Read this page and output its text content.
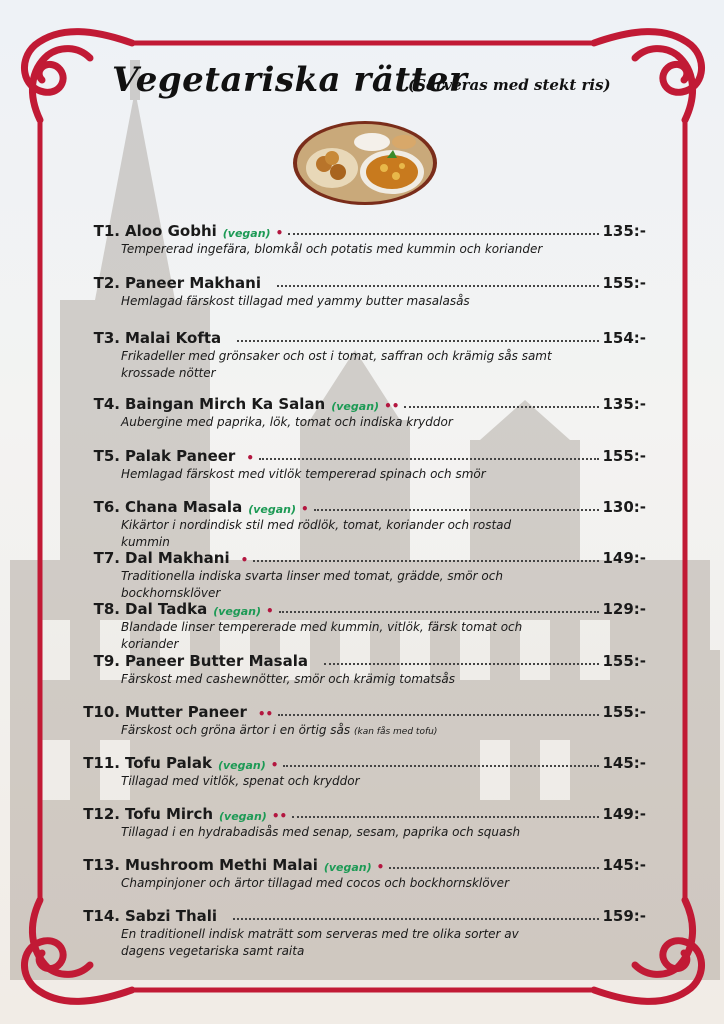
Vegetariska rätter
(Serveras med stekt ris)
T1. Aloo Gobhi (vegan) •	135:-
Tempererad ingefära, blomkål och potatis med kummin och koriander
T2. Paneer Makhani	155:-
Hemlagad färskost tillagad med yammy butter masalasås
T3. Malai Kofta	154:-
Frikadeller med grönsaker och ost i tomat, saffran och krämig sås samt krossade nötter
T4. Baingan Mirch Ka Salan (vegan) ••	135:-
Aubergine med paprika, lök, tomat och indiska kryddor
T5. Palak Paneer •	155:-
Hemlagad färskost med vitlök tempererad spinach och smör
T6. Chana Masala (vegan) •	130:-
Kikärtor i nordindisk stil med rödlök, tomat, koriander och rostad kummin
T7. Dal Makhani •	149:-
Traditionella indiska svarta linser med tomat, grädde, smör och bockhornsklöver
T8. Dal Tadka (vegan) •	129:-
Blandade linser tempererade med kummin, vitlök, färsk tomat och koriander
T9. Paneer Butter Masala	155:-
Färskost med cashewnötter, smör och krämig tomatsås
T10. Mutter Paneer ••	155:-
Färskost och gröna ärtor i en örtig sås (kan fås med tofu)
T11. Tofu Palak (vegan) •	145:-
Tillagad med vitlök, spenat och kryddor
T12. Tofu Mirch (vegan) ••	149:-
Tillagad i en hydrabadisås med senap, sesam, paprika och squash
T13. Mushroom Methi Malai (vegan) •	145:-
Champinjoner och ärtor tillagad med cocos och bockhornsklöver
T14. Sabzi Thali	159:-
En traditionell indisk maträtt som serveras med tre olika sorter av dagens vegetariska samt raita
